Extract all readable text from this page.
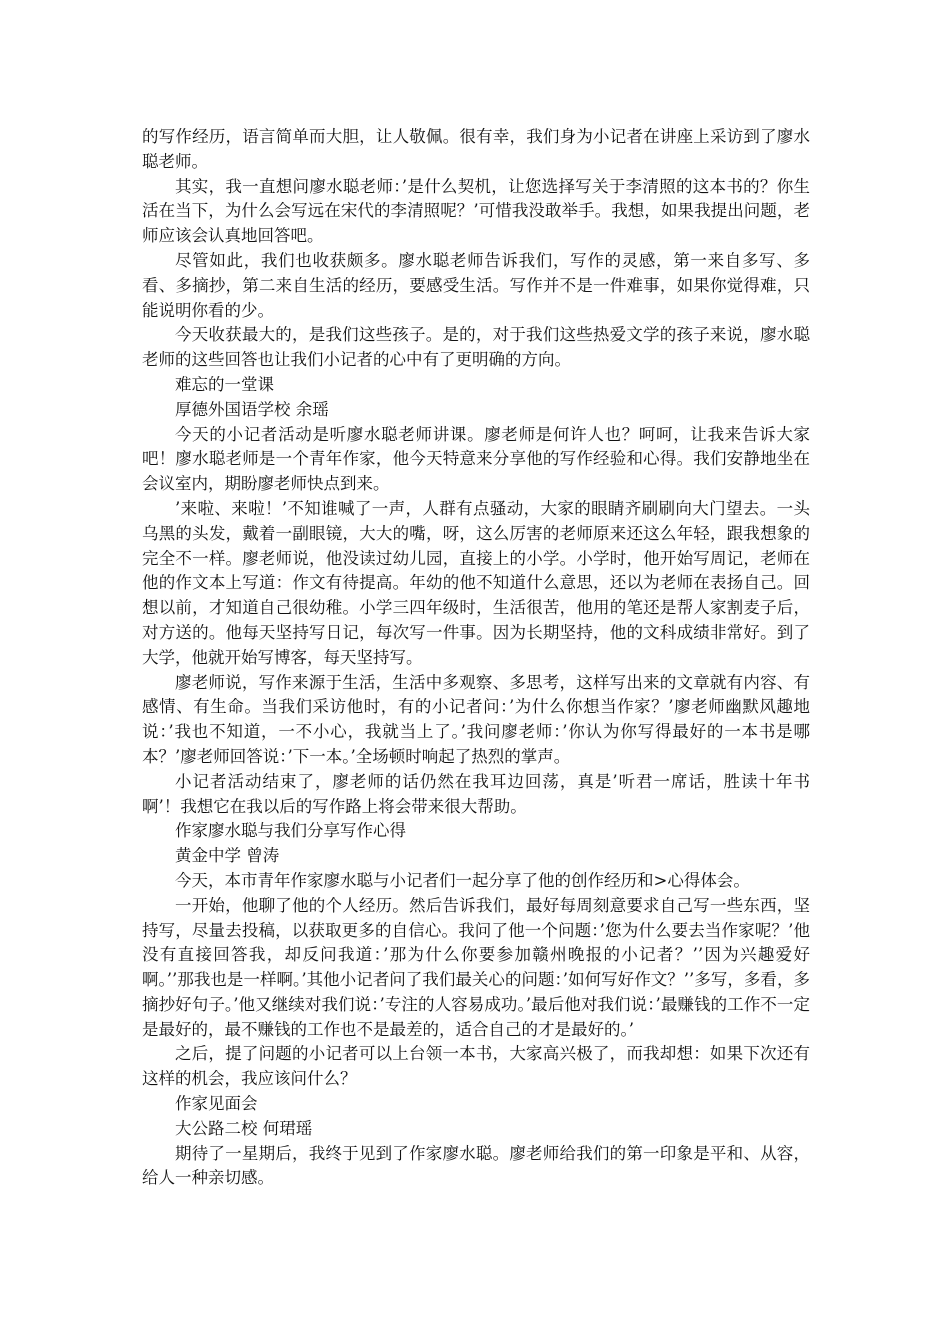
的写作经历，语言简单而大胆，让人敬佩。很有幸，我们身为小记者在讲座上采访到了廖水聪老师。

其实，我一直想问廖水聪老师：’是什么契机，让您选择写关于李清照的这本书的？你生活在当下，为什么会写远在宋代的李清照呢？’可惜我没敢举手。我想，如果我提出问题，老师应该会认真地回答吧。

尽管如此，我们也收获颇多。廖水聪老师告诉我们，写作的灵感，第一来自多写、多看、多摘抄，第二来自生活的经历，要感受生活。写作并不是一件难事，如果你觉得难，只能说明你看的少。

今天收获最大的，是我们这些孩子。是的，对于我们这些热爱文学的孩子来说，廖水聪老师的这些回答也让我们小记者的心中有了更明确的方向。

难忘的一堂课

厚德外国语学校 余瑶

今天的小记者活动是听廖水聪老师讲课。廖老师是何许人也？呵呵，让我来告诉大家吧！廖水聪老师是一个青年作家，他今天特意来分享他的写作经验和心得。我们安静地坐在会议室内，期盼廖老师快点到来。

’来啦、来啦！’不知谁喊了一声，人群有点骚动，大家的眼睛齐刷刷向大门望去。一头乌黑的头发，戴着一副眼镜，大大的嘴，呀，这么厉害的老师原来还这么年轻，跟我想象的完全不一样。廖老师说，他没读过幼儿园，直接上的小学。小学时，他开始写周记，老师在他的作文本上写道：作文有待提高。年幼的他不知道什么意思，还以为老师在表扬自己。回想以前，才知道自己很幼稚。小学三四年级时，生活很苦，他用的笔还是帮人家割麦子后，对方送的。他每天坚持写日记，每次写一件事。因为长期坚持，他的文科成绩非常好。到了大学，他就开始写博客，每天坚持写。

廖老师说，写作来源于生活，生活中多观察、多思考，这样写出来的文章就有内容、有感情、有生命。当我们采访他时，有的小记者问：’为什么你想当作家？’廖老师幽默风趣地说：’我也不知道，一不小心，我就当上了。’我问廖老师：’你认为你写得最好的一本书是哪本？’廖老师回答说：’下一本。’全场顿时响起了热烈的掌声。

小记者活动结束了，廖老师的话仍然在我耳边回荡，真是’听君一席话，胜读十年书啊’！我想它在我以后的写作路上将会带来很大帮助。

作家廖水聪与我们分享写作心得

黄金中学 曾涛

今天，本市青年作家廖水聪与小记者们一起分享了他的创作经历和>心得体会。

一开始，他聊了他的个人经历。然后告诉我们，最好每周刻意要求自己写一些东西，坚持写，尽量去投稿，以获取更多的自信心。我问了他一个问题：’您为什么要去当作家呢？’他没有直接回答我，却反问我道：’那为什么你要参加赣州晚报的小记者？’’因为兴趣爱好啊。’’那我也是一样啊。’其他小记者问了我们最关心的问题：’如何写好作文？’’多写，多看，多摘抄好句子。’他又继续对我们说：’专注的人容易成功。’最后他对我们说：’最赚钱的工作不一定是最好的，最不赚钱的工作也不是最差的，适合自己的才是最好的。’

之后，提了问题的小记者可以上台领一本书，大家高兴极了，而我却想：如果下次还有这样的机会，我应该问什么？

作家见面会

大公路二校 何珺瑶

期待了一星期后，我终于见到了作家廖水聪。廖老师给我们的第一印象是平和、从容，给人一种亲切感。
